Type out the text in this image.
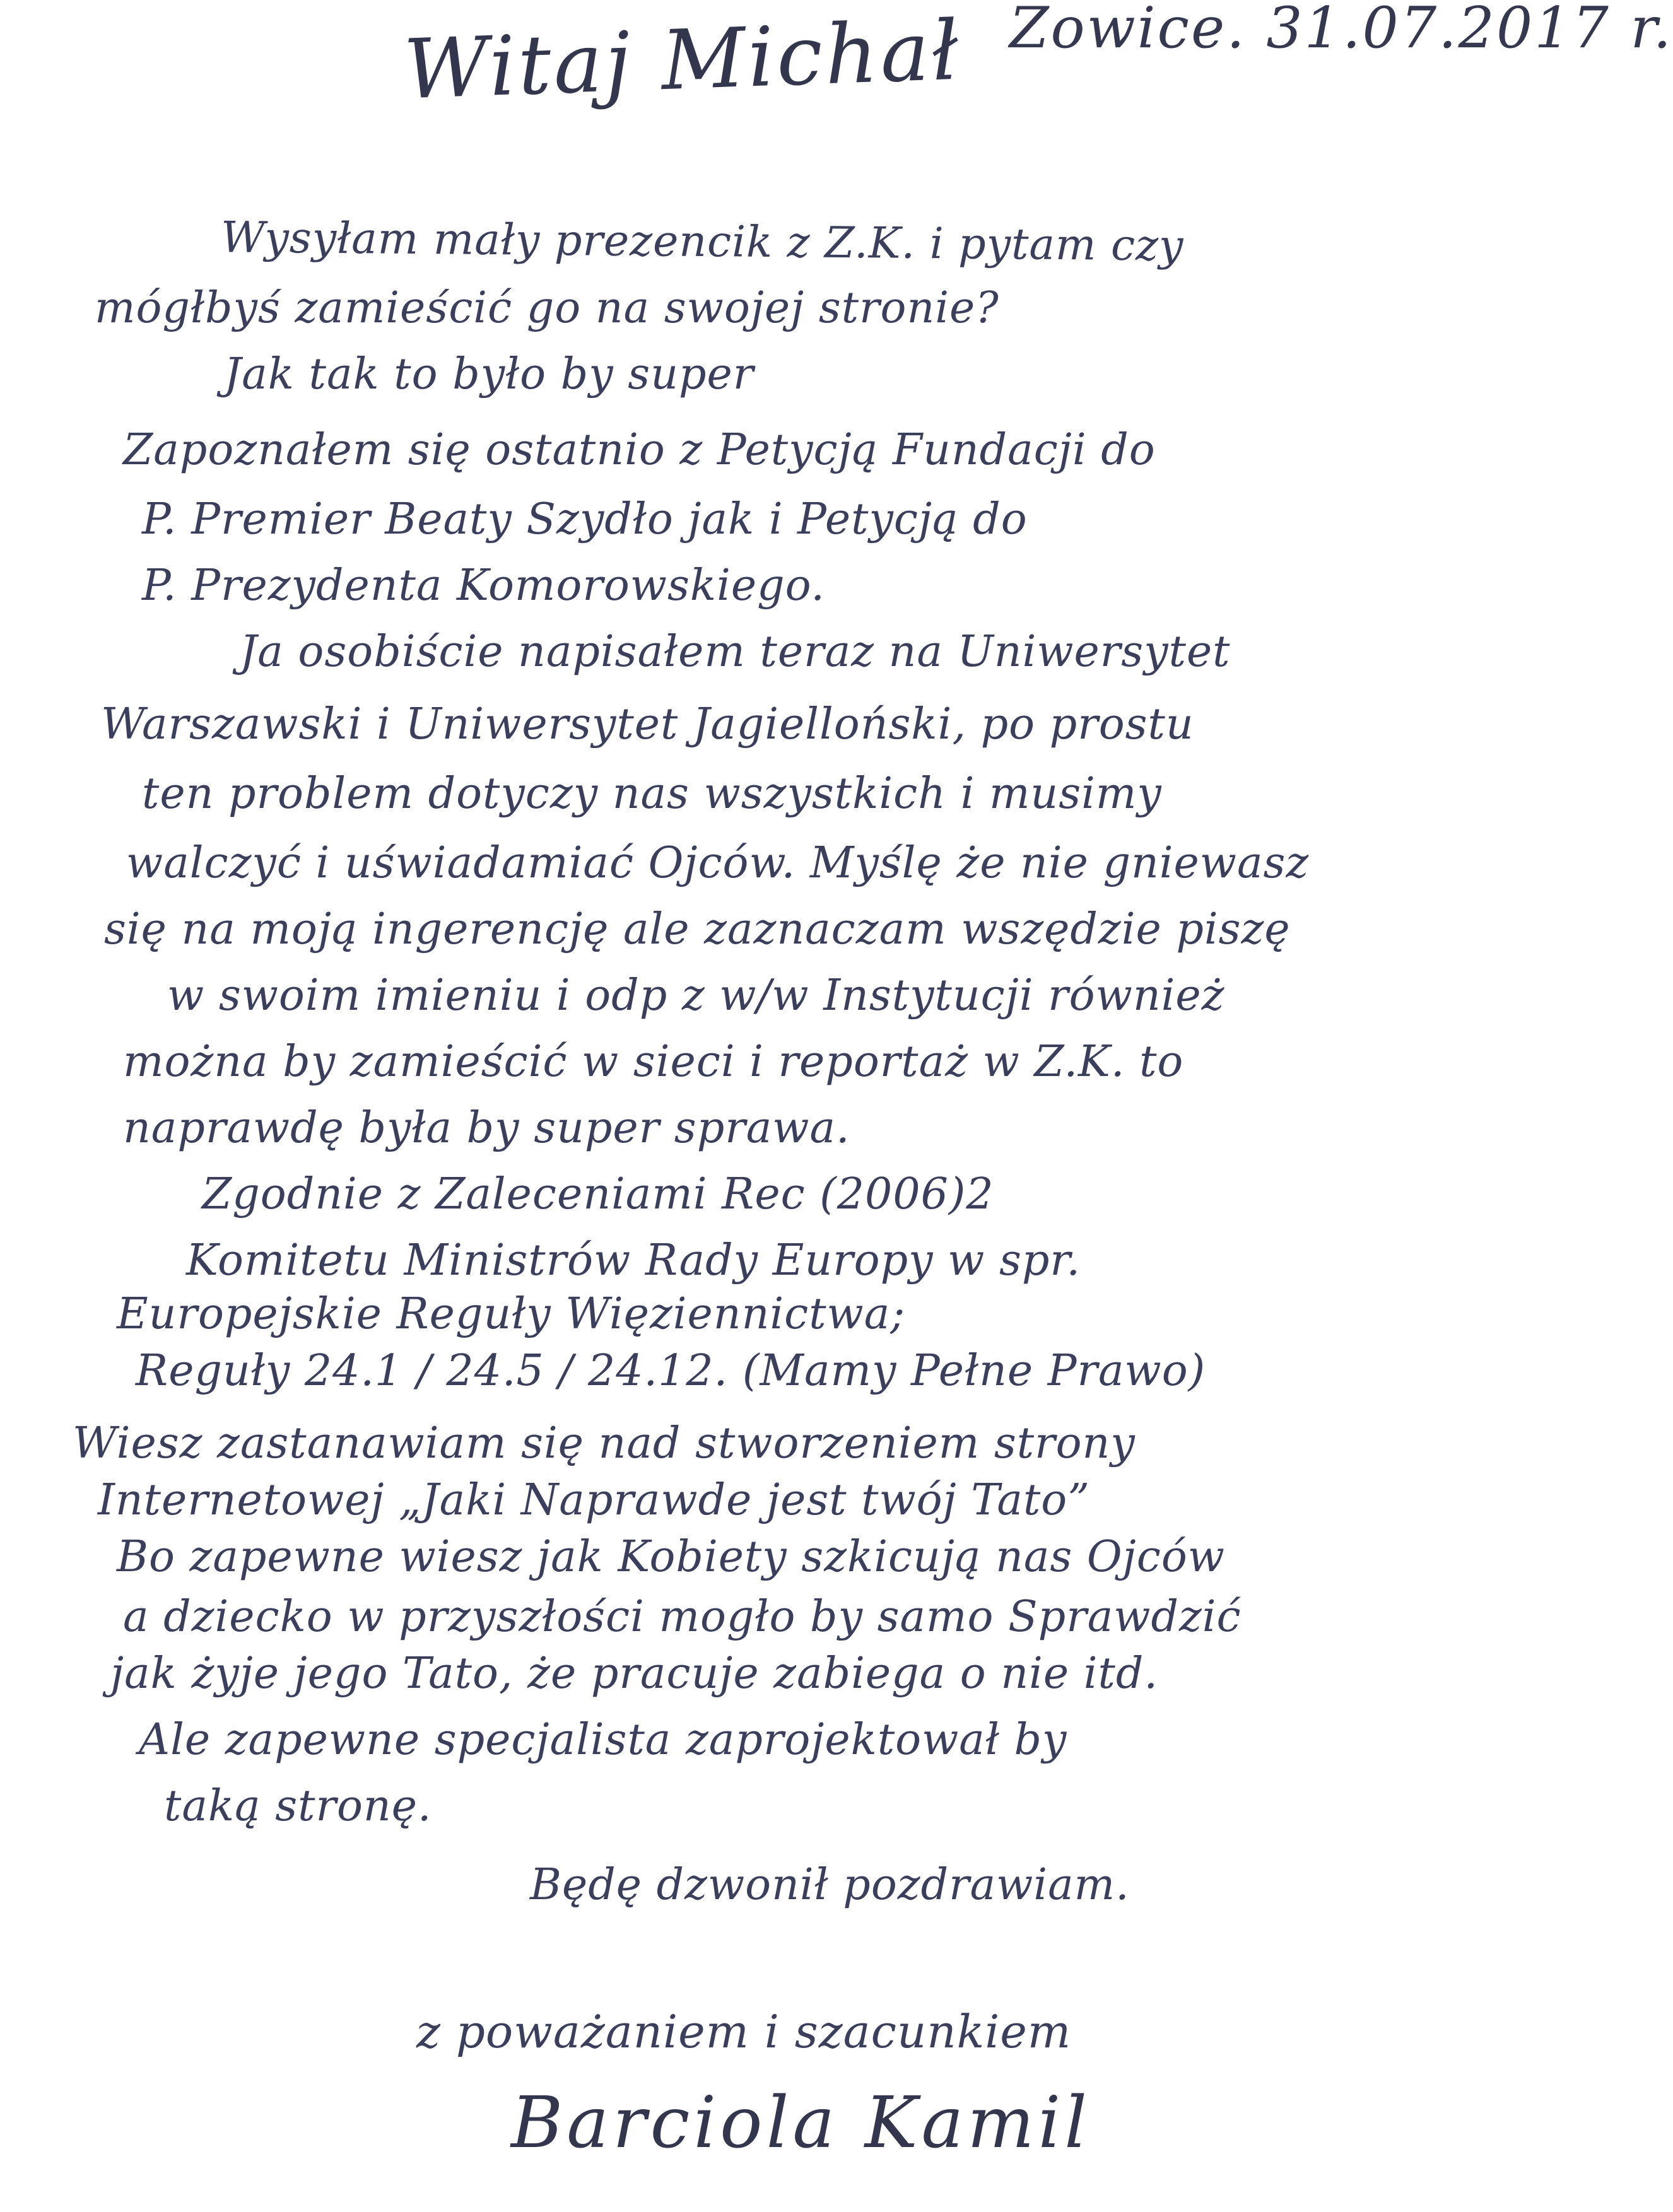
Zowice. 31.07.2017 r.
Witaj Michał
Wysyłam mały prezencik z Z.K. i pytam czy
mógłbyś zamieścić go na swojej stronie?
Jak tak to było by super
Zapoznałem się ostatnio z Petycją Fundacji do
P. Premier Beaty Szydło jak i Petycją do
P. Prezydenta Komorowskiego.
Ja osobiście napisałem teraz na Uniwersytet
Warszawski i Uniwersytet Jagielloński, po prostu
ten problem dotyczy nas wszystkich i musimy
walczyć i uświadamiać Ojców. Myślę że nie gniewasz
się na moją ingerencję ale zaznaczam wszędzie piszę
w swoim imieniu i odp z w/w Instytucji również
można by zamieścić w sieci i reportaż w Z.K. to
naprawdę była by super sprawa.
Zgodnie z Zaleceniami Rec (2006)2
Komitetu Ministrów Rady Europy w spr.
Europejskie Reguły Więziennictwa;
Reguły 24.1 / 24.5 / 24.12. (Mamy Pełne Prawo)
Wiesz zastanawiam się nad stworzeniem strony
Internetowej „Jaki Naprawde jest twój Tato”
Bo zapewne wiesz jak Kobiety szkicują nas Ojców
a dziecko w przyszłości mogło by samo Sprawdzić
jak żyje jego Tato, że pracuje zabiega o nie itd.
Ale zapewne specjalista zaprojektował by
taką stronę.
Będę dzwonił pozdrawiam.
z poważaniem i szacunkiem
Barciola Kamil
